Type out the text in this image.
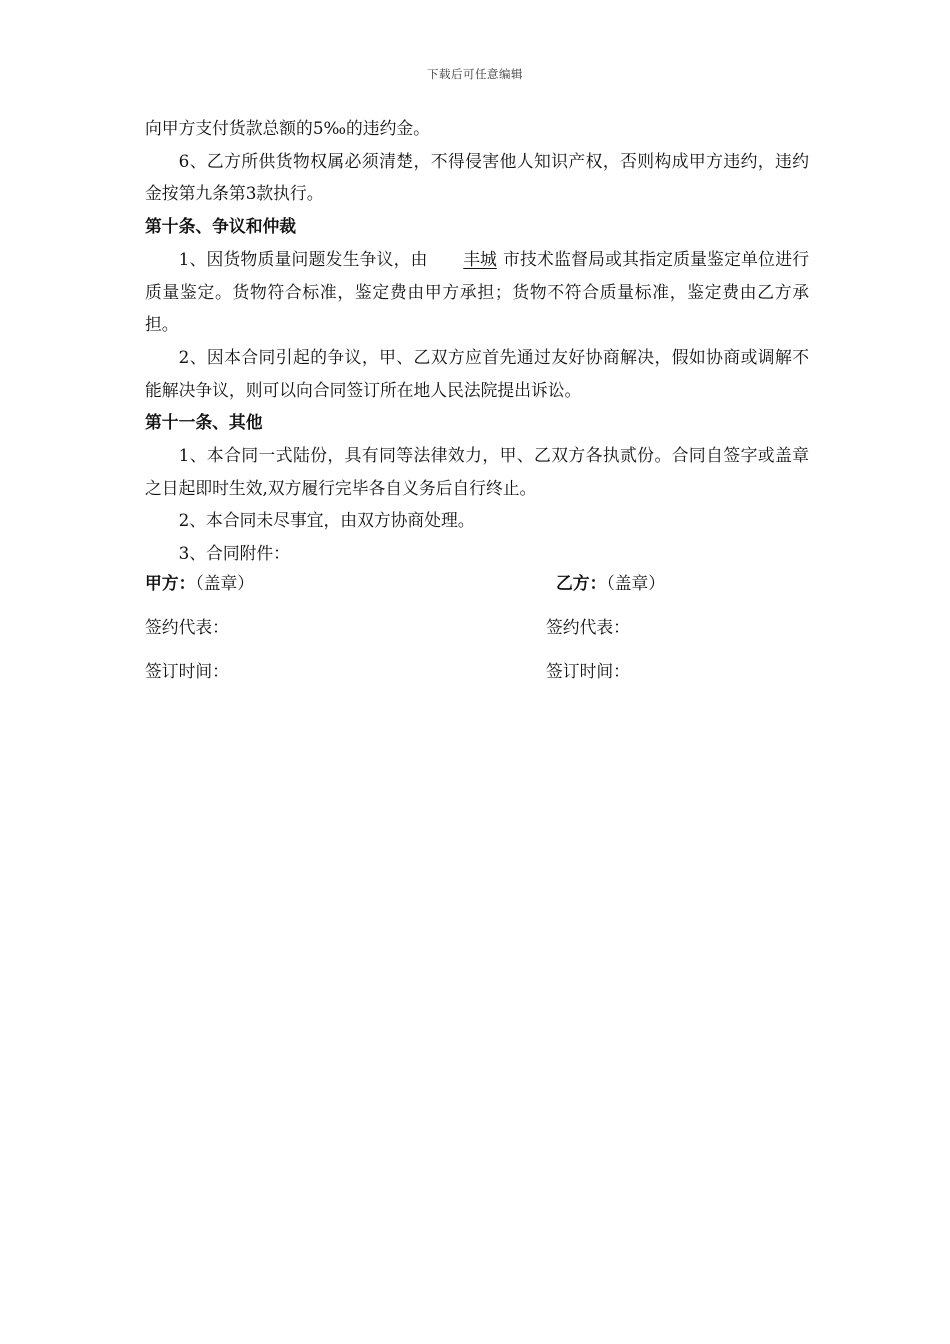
下载后可任意编辑

向甲方支付货款总额的5‰的违约金。

6、乙方所供货物权属必须清楚，不得侵害他人知识产权，否则构成甲方违约，违约金按第九条第3款执行。

第十条、争议和仲裁

1、因货物质量问题发生争议，由 丰城 市技术监督局或其指定质量鉴定单位进行质量鉴定。货物符合标准，鉴定费由甲方承担；货物不符合质量标准，鉴定费由乙方承担。

2、因本合同引起的争议，甲、乙双方应首先通过友好协商解决，假如协商或调解不能解决争议，则可以向合同签订所在地人民法院提出诉讼。

第十一条、其他

1、本合同一式陆份，具有同等法律效力，甲、乙双方各执贰份。合同自签字或盖章之日起即时生效,双方履行完毕各自义务后自行终止。

2、本合同未尽事宜，由双方协商处理。

3、合同附件：

甲方：（盖章）	乙方：（盖章）
签约代表：	签约代表：
签订时间：	签订时间：
